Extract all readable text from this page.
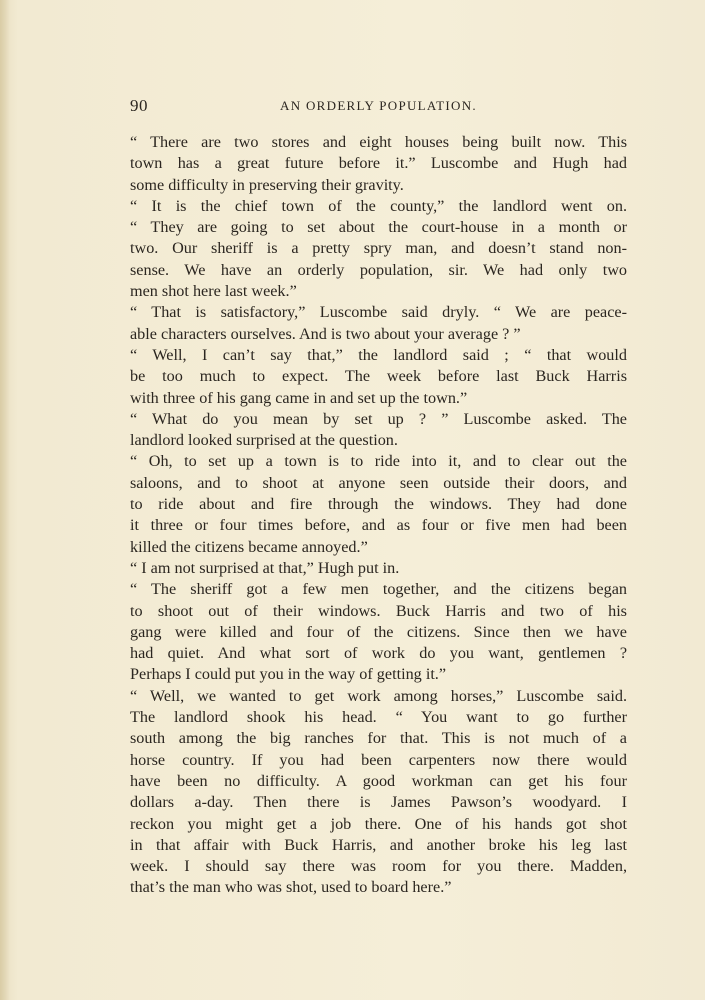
90	AN ORDERLY POPULATION.
“ There are two stores and eight houses being built now. This
town has a great future before it.” Luscombe and Hugh had
some difficulty in preserving their gravity.
“ It is the chief town of the county,” the landlord went on.
“ They are going to set about the court-house in a month or
two. Our sheriff is a pretty spry man, and doesn’t stand non-
sense. We have an orderly population, sir. We had only two
men shot here last week.”
“ That is satisfactory,” Luscombe said dryly. “ We are peace-
able characters ourselves. And is two about your average ? ”
“ Well, I can’t say that,” the landlord said ; “ that would
be too much to expect. The week before last Buck Harris
with three of his gang came in and set up the town.”
“ What do you mean by set up ? ” Luscombe asked. The
landlord looked surprised at the question.
“ Oh, to set up a town is to ride into it, and to clear out the
saloons, and to shoot at anyone seen outside their doors, and
to ride about and fire through the windows. They had done
it three or four times before, and as four or five men had been
killed the citizens became annoyed.”
“ I am not surprised at that,” Hugh put in.
“ The sheriff got a few men together, and the citizens began
to shoot out of their windows. Buck Harris and two of his
gang were killed and four of the citizens. Since then we have
had quiet. And what sort of work do you want, gentlemen ?
Perhaps I could put you in the way of getting it.”
“ Well, we wanted to get work among horses,” Luscombe said.
The landlord shook his head. “ You want to go further
south among the big ranches for that. This is not much of a
horse country. If you had been carpenters now there would
have been no difficulty. A good workman can get his four
dollars a-day. Then there is James Pawson’s woodyard. I
reckon you might get a job there. One of his hands got shot
in that affair with Buck Harris, and another broke his leg last
week. I should say there was room for you there. Madden,
that’s the man who was shot, used to board here.”
